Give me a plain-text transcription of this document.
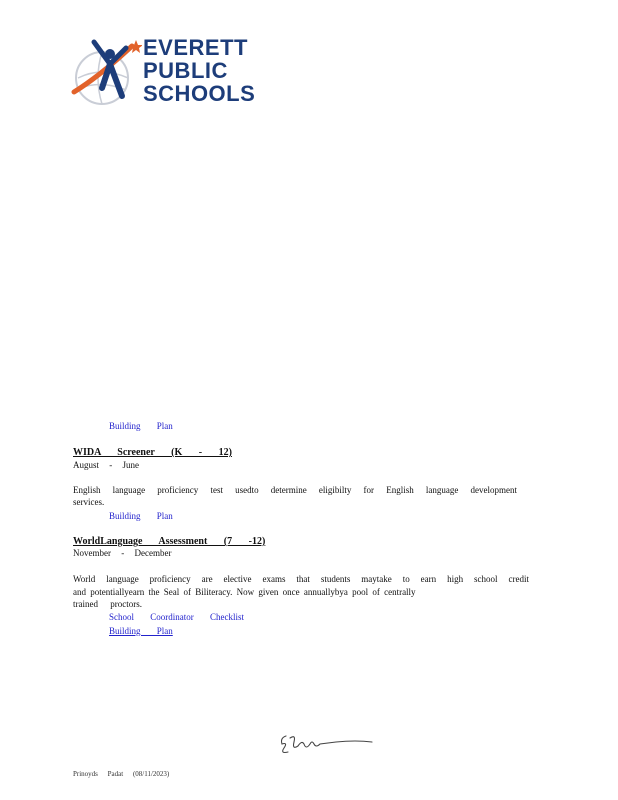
EVERETT
PUBLIC
SCHOOLS
Building Plan
WIDA Screener (K - 12)
August - June
English language proficiency test usedto determine eligibilty for English language development
services.
Building Plan
WorldLanguage Assessment (7 -12)
November - December
World language proficiency are elective exams that students maytake to earn high school credit
and potentiallyearn the Seal of Biliteracy. Now given once annuallybya pool of centrally
trained proctors.
School Coordinator Checklist
Building Plan
Prinoyds Padat (08/11/2023)
